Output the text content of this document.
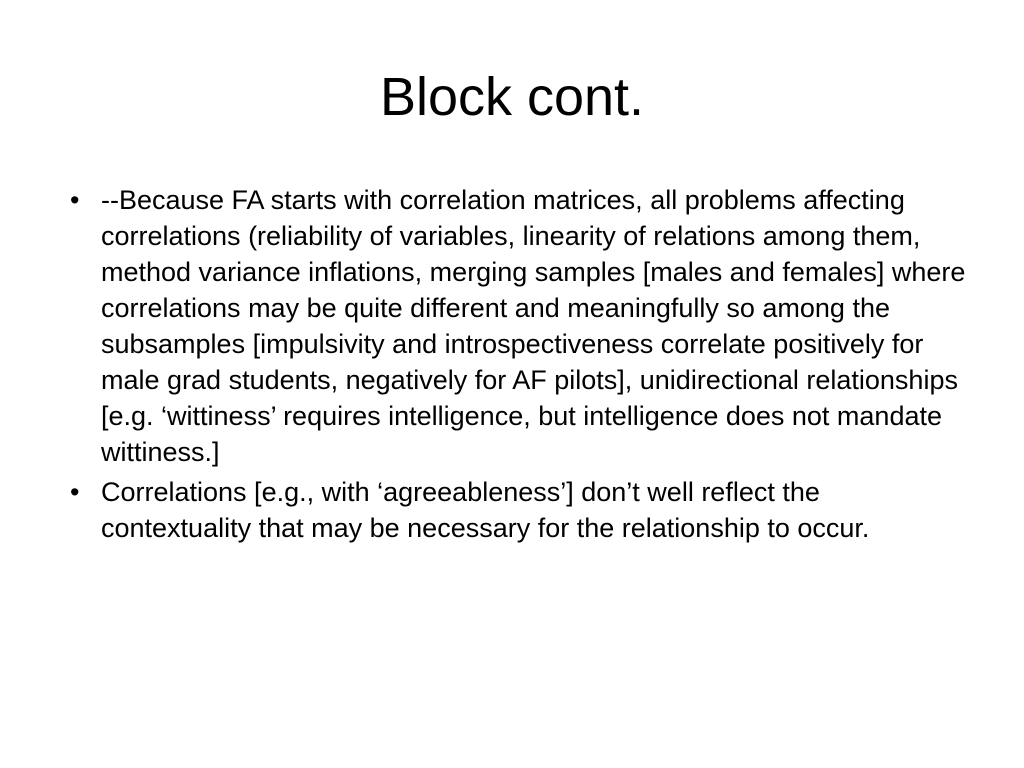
Block cont.
• --Because FA starts with correlation matrices, all problems affecting correlations (reliability of variables, linearity of relations among them, method variance inflations, merging samples [males and females] where correlations may be quite different and meaningfully so among the subsamples [impulsivity and introspectiveness correlate positively for male grad students, negatively for AF pilots], unidirectional relationships [e.g. ‘wittiness’ requires intelligence, but intelligence does not mandate wittiness.]
• Correlations [e.g., with ‘agreeableness’] don’t well reflect the contextuality that may be necessary for the relationship to occur.
